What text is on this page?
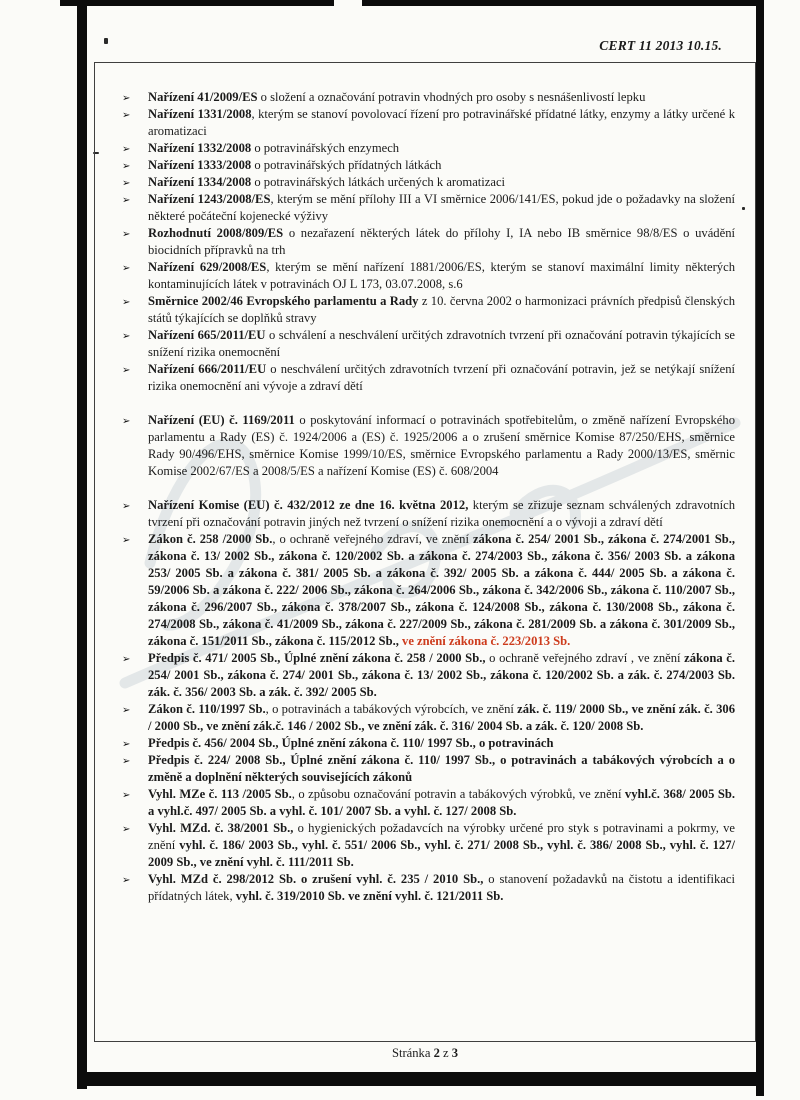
CERT 11 2013 10.15.
➢ Nařízení 41/2009/ES o složení a označování potravin vhodných pro osoby s nesnášenlivostí lepku
➢ Nařízení 1331/2008, kterým se stanoví povolovací řízení pro potravinářské přídatné látky, enzymy a látky určené k aromatizaci
➢ Nařízení 1332/2008 o potravinářských enzymech
➢ Nařízení 1333/2008 o potravinářských přídatných látkách
➢ Nařízení 1334/2008 o potravinářských látkách určených k aromatizaci
➢ Nařízení 1243/2008/ES, kterým se mění přílohy III a VI směrnice 2006/141/ES, pokud jde o požadavky na složení některé počáteční kojenecké výživy
➢ Rozhodnutí 2008/809/ES o nezařazení některých látek do přílohy I, IA nebo IB směrnice 98/8/ES o uvádění biocidních přípravků na trh
➢ Nařízení 629/2008/ES, kterým se mění nařízení 1881/2006/ES, kterým se stanoví maximální limity některých kontaminujících látek v potravinách OJ L 173, 03.07.2008, s.6
➢ Směrnice 2002/46 Evropského parlamentu a Rady z 10. června 2002 o harmonizaci právních předpisů členských států týkajících se doplňků stravy
➢ Nařízení 665/2011/EU o schválení a neschválení určitých zdravotních tvrzení při označování potravin týkajících se snížení rizika onemocnění
➢ Nařízení 666/2011/EU o neschválení určitých zdravotních tvrzení při označování potravin, jež se netýkají snížení rizika onemocnění ani vývoje a zdraví dětí
➢ Nařízení (EU) č. 1169/2011 o poskytování informací o potravinách spotřebitelům, o změně nařízení Evropského parlamentu a Rady (ES) č. 1924/2006 a (ES) č. 1925/2006 a o zrušení směrnice Komise 87/250/EHS, směrnice Rady 90/496/EHS, směrnice Komise 1999/10/ES, směrnice Evropského parlamentu a Rady 2000/13/ES, směrnic Komise 2002/67/ES a 2008/5/ES a nařízení Komise (ES) č. 608/2004
➢ Nařízení Komise (EU) č. 432/2012 ze dne 16. května 2012, kterým se zřizuje seznam schválených zdravotních tvrzení při označování potravin jiných než tvrzení o snížení rizika onemocnění a o vývoji a zdraví dětí
➢ Zákon č. 258 /2000 Sb., o ochraně veřejného zdraví, ve znění zákona č. 254/ 2001 Sb., zákona č. 274/2001 Sb., zákona č. 13/ 2002 Sb., zákona č. 120/2002 Sb. a zákona č. 274/2003 Sb., zákona č. 356/ 2003 Sb. a zákona 253/ 2005 Sb. a zákona č. 381/ 2005 Sb. a zákona č. 392/ 2005 Sb. a zákona č. 444/ 2005 Sb. a zákona č. 59/2006 Sb. a zákona č. 222/ 2006 Sb., zákona č. 264/2006 Sb., zákona č. 342/2006 Sb., zákona č. 110/2007 Sb., zákona č. 296/2007 Sb., zákona č. 378/2007 Sb., zákona č. 124/2008 Sb., zákona č. 130/2008 Sb., zákona č. 274/2008 Sb., zákona č. 41/2009 Sb., zákona č. 227/2009 Sb., zákona č. 281/2009 Sb. a zákona č. 301/2009 Sb., zákona č. 151/2011 Sb., zákona č. 115/2012 Sb., ve znění zákona č. 223/2013 Sb.
➢ Předpis č. 471/ 2005 Sb., Úplné znění zákona č. 258 / 2000 Sb., o ochraně veřejného zdraví , ve znění zákona č. 254/ 2001 Sb., zákona č. 274/ 2001 Sb., zákona č. 13/ 2002 Sb., zákona č. 120/2002 Sb. a zák. č. 274/2003 Sb. zák. č. 356/ 2003 Sb. a zák. č. 392/ 2005 Sb.
➢ Zákon č. 110/1997 Sb., o potravinách a tabákových výrobcích, ve znění zák. č. 119/ 2000 Sb., ve znění zák. č. 306 / 2000 Sb., ve znění zák.č. 146 / 2002 Sb., ve znění zák. č. 316/ 2004 Sb. a zák. č. 120/ 2008 Sb.
➢ Předpis č. 456/ 2004 Sb., Úplné znění zákona č. 110/ 1997 Sb., o potravinách
➢ Předpis č. 224/ 2008 Sb., Úplné znění zákona č. 110/ 1997 Sb., o potravinách a tabákových výrobcích a o změně a doplnění některých souvisejících zákonů
➢ Vyhl. MZe č. 113 /2005 Sb., o způsobu označování potravin a tabákových výrobků, ve znění vyhl.č. 368/ 2005 Sb. a vyhl.č. 497/ 2005 Sb. a vyhl. č. 101/ 2007 Sb. a vyhl. č. 127/ 2008 Sb.
➢ Vyhl. MZd. č. 38/2001 Sb., o hygienických požadavcích na výrobky určené pro styk s potravinami a pokrmy, ve znění vyhl. č. 186/ 2003 Sb., vyhl. č. 551/ 2006 Sb., vyhl. č. 271/ 2008 Sb., vyhl. č. 386/ 2008 Sb., vyhl. č. 127/ 2009 Sb., ve znění vyhl. č. 111/2011 Sb.
➢ Vyhl. MZd č. 298/2012 Sb. o zrušení vyhl. č. 235 / 2010 Sb., o stanovení požadavků na čistotu a identifikaci přídatných látek, vyhl. č. 319/2010 Sb. ve znění vyhl. č. 121/2011 Sb.
Stránka 2 z 3
